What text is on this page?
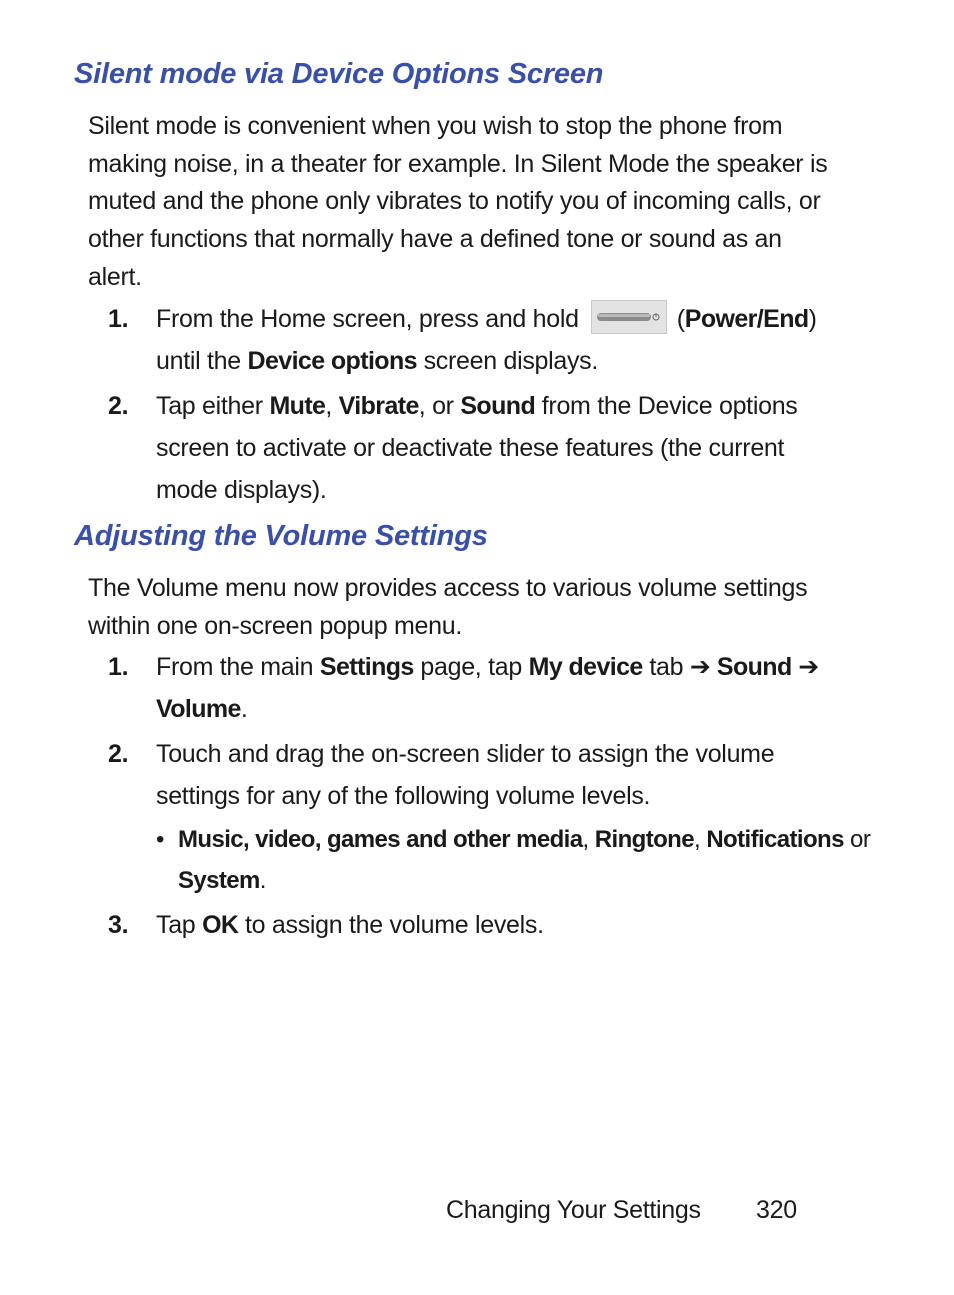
Silent mode via Device Options Screen
Silent mode is convenient when you wish to stop the phone from
making noise, in a theater for example. In Silent Mode the speaker is
muted and the phone only vibrates to notify you of incoming calls, or
other functions that normally have a defined tone or sound as an
alert.
1. From the Home screen, press and hold	(Power/End)
until the Device options screen displays.
2. Tap either Mute, Vibrate, or Sound from the Device options
screen to activate or deactivate these features (the current
mode displays).
Adjusting the Volume Settings
The Volume menu now provides access to various volume settings
within one on-screen popup menu.
1. From the main Settings page, tap My device tab ➔ Sound ➔
Volume.
2. Touch and drag the on-screen slider to assign the volume
settings for any of the following volume levels.
• Music, video, games and other media, Ringtone, Notifications or
System.
3. Tap OK to assign the volume levels.
Changing Your Settings 320
